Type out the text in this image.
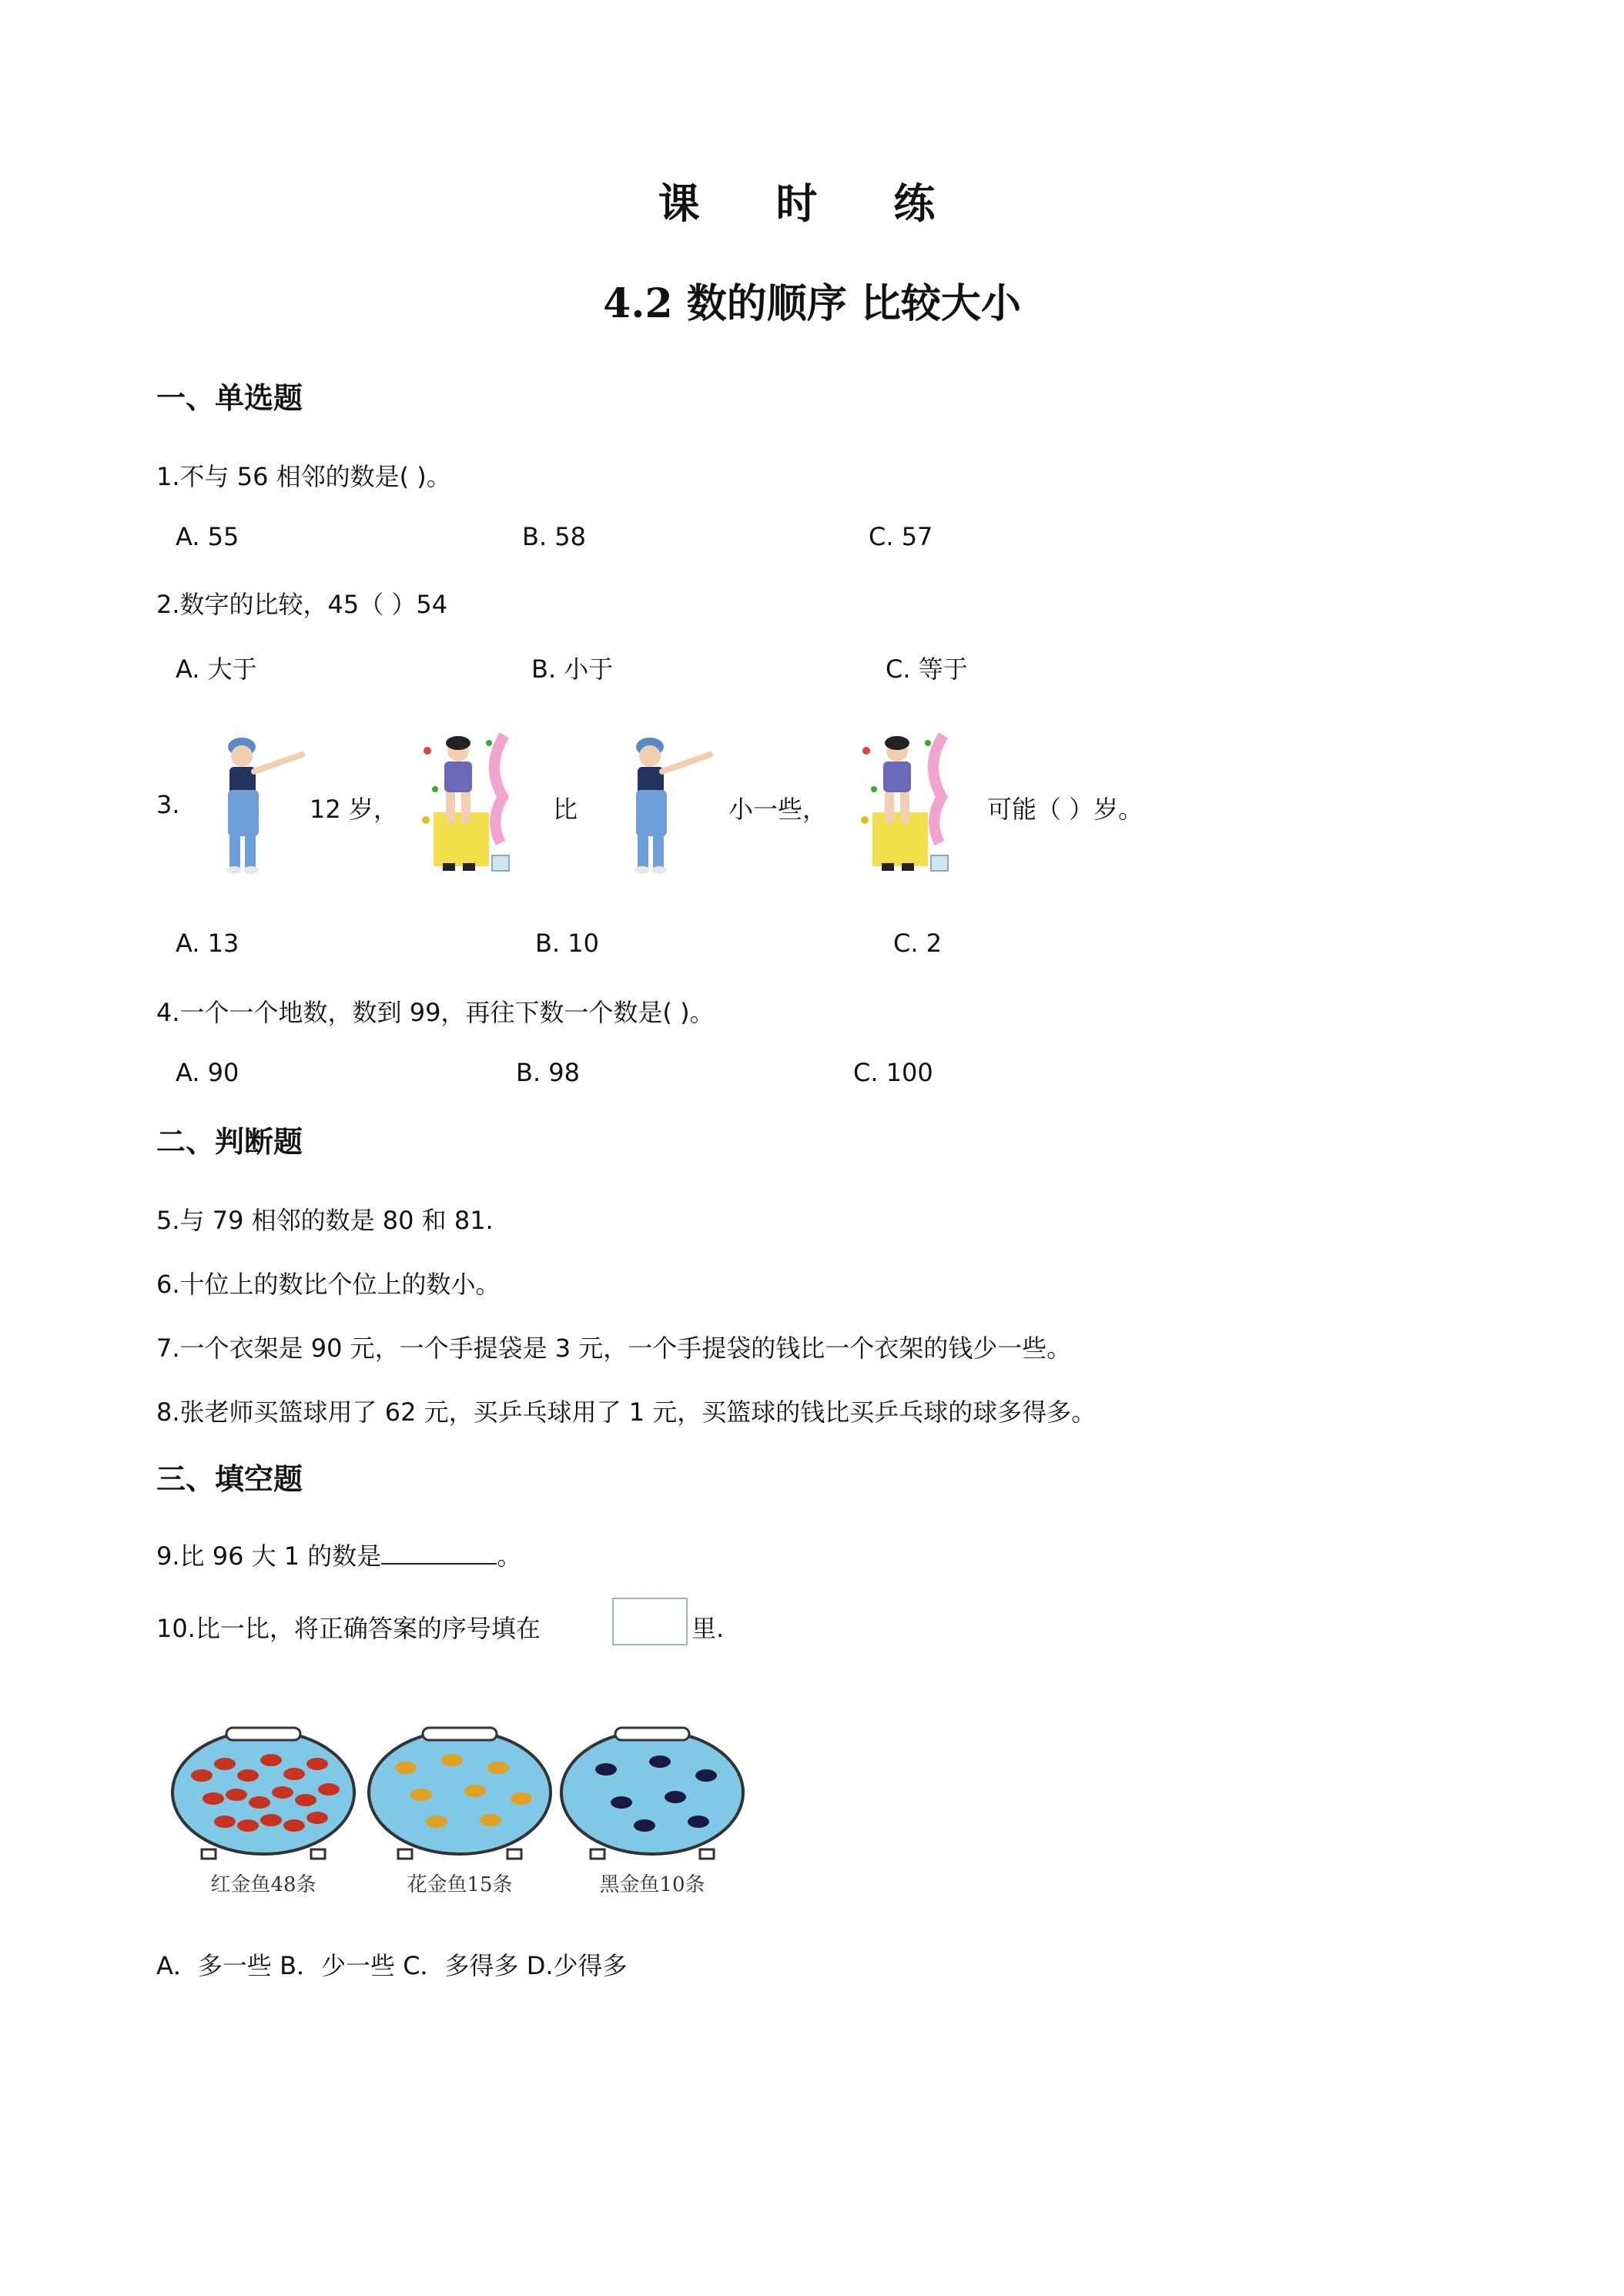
课 时 练
4.2 数的顺序 比较大小
一、单选题
1.不与 56 相邻的数是( )。
A. 55	B. 58	C. 57
2.数字的比较，45（ ）54
A. 大于	B. 小于	C. 等于
3.	12 岁，	比	小一些，	可能（ ）岁。
A. 13	B. 10	C. 2
4.一个一个地数，数到 99，再往下数一个数是( )。
A. 90	B. 98	C. 100
二、判断题
5.与 79 相邻的数是 80 和 81.
6.十位上的数比个位上的数小。
7.一个衣架是 90 元，一个手提袋是 3 元，一个手提袋的钱比一个衣架的钱少一些。
8.张老师买篮球用了 62 元，买乒乓球用了 1 元，买篮球的钱比买乒乓球的球多得多。
三、填空题
9.比 96 大 1 的数是	。
10.比一比，将正确答案的序号填在	里.
红金鱼48条	花金鱼15条	黑金鱼10条
A．多一些 B．少一些 C．多得多 D.少得多
